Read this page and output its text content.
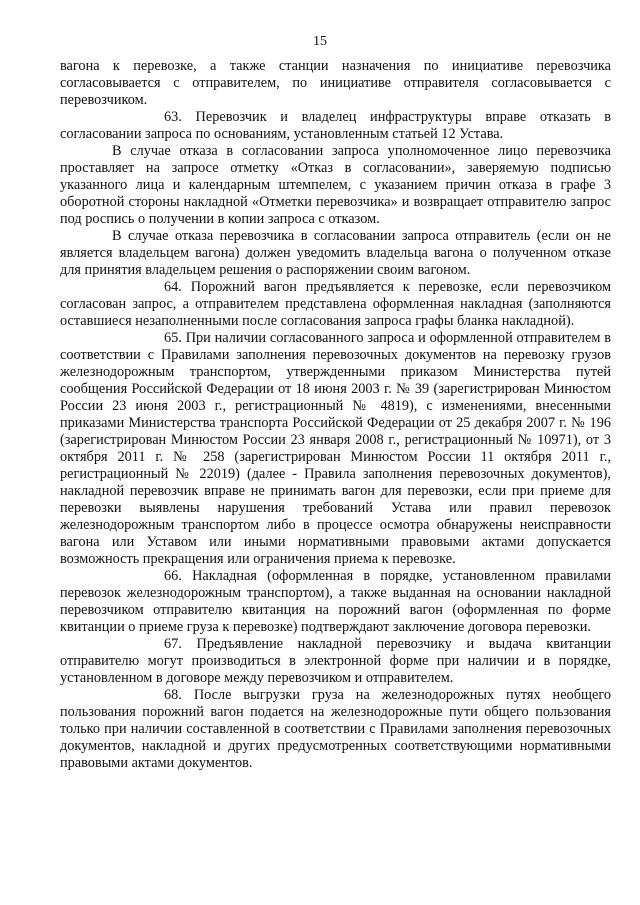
15

вагона к перевозке, а также станции назначения по инициативе перевозчика согласовывается с отправителем, по инициативе отправителя согласовывается с перевозчиком.

63. Перевозчик и владелец инфраструктуры вправе отказать в согласовании запроса по основаниям, установленным статьей 12 Устава.

В случае отказа в согласовании запроса уполномоченное лицо перевозчика проставляет на запросе отметку «Отказ в согласовании», заверяемую подписью указанного лица и календарным штемпелем, с указанием причин отказа в графе 3 оборотной стороны накладной «Отметки перевозчика» и возвращает отправителю запрос под роспись о получении в копии запроса с отказом.

В случае отказа перевозчика в согласовании запроса отправитель (если он не является владельцем вагона) должен уведомить владельца вагона о полученном отказе для принятия владельцем решения о распоряжении своим вагоном.

64. Порожний вагон предъявляется к перевозке, если перевозчиком согласован запрос, а отправителем представлена оформленная накладная (заполняются оставшиеся незаполненными после согласования запроса графы бланка накладной).

65. При наличии согласованного запроса и оформленной отправителем в соответствии с Правилами заполнения перевозочных документов на перевозку грузов железнодорожным транспортом, утвержденными приказом Министерства путей сообщения Российской Федерации от 18 июня 2003 г. № 39 (зарегистрирован Минюстом России 23 июня 2003 г., регистрационный № 4819), с изменениями, внесенными приказами Министерства транспорта Российской Федерации от 25 декабря 2007 г. № 196 (зарегистрирован Минюстом России 23 января 2008 г., регистрационный № 10971), от 3 октября 2011 г. № 258 (зарегистрирован Минюстом России 11 октября 2011 г., регистрационный № 22019) (далее - Правила заполнения перевозочных документов), накладной перевозчик вправе не принимать вагон для перевозки, если при приеме для перевозки выявлены нарушения требований Устава или правил перевозок железнодорожным транспортом либо в процессе осмотра обнаружены неисправности вагона или Уставом или иными нормативными правовыми актами допускается возможность прекращения или ограничения приема к перевозке.

66. Накладная (оформленная в порядке, установленном правилами перевозок железнодорожным транспортом), а также выданная на основании накладной перевозчиком отправителю квитанция на порожний вагон (оформленная по форме квитанции о приеме груза к перевозке) подтверждают заключение договора перевозки.

67. Предъявление накладной перевозчику и выдача квитанции отправителю могут производиться в электронной форме при наличии и в порядке, установленном в договоре между перевозчиком и отправителем.

68. После выгрузки груза на железнодорожных путях необщего пользования порожний вагон подается на железнодорожные пути общего пользования только при наличии составленной в соответствии с Правилами заполнения перевозочных документов, накладной и других предусмотренных соответствующими нормативными правовыми актами документов.
